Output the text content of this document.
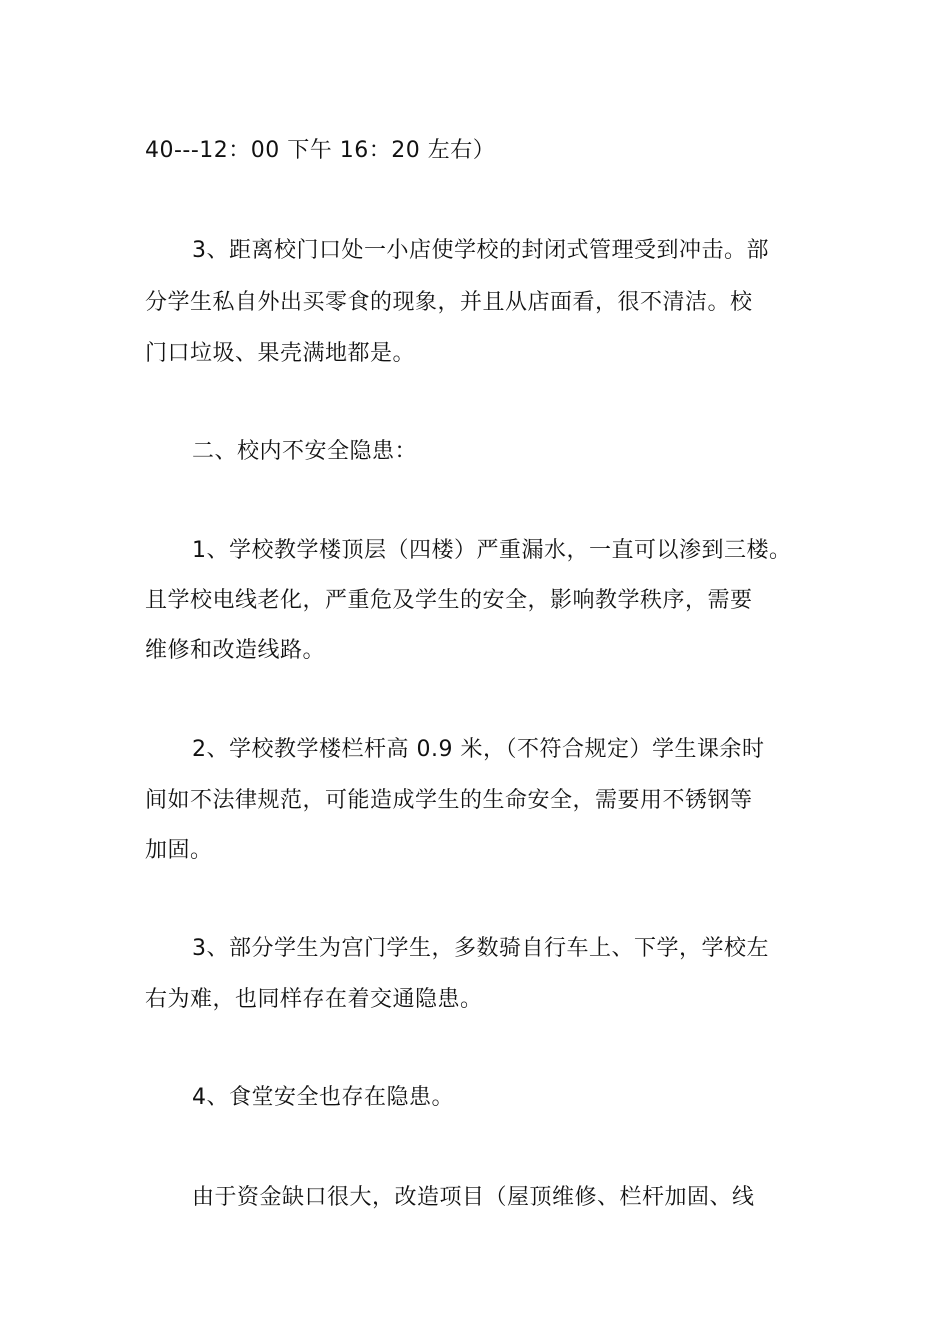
40---12：00 下午 16：20 左右）
3、距离校门口处一小店使学校的封闭式管理受到冲击。部
分学生私自外出买零食的现象，并且从店面看，很不清洁。校
门口垃圾、果壳满地都是。
二、校内不安全隐患：
1、学校教学楼顶层（四楼）严重漏水，一直可以渗到三楼。
且学校电线老化，严重危及学生的安全，影响教学秩序，需要
维修和改造线路。
2、学校教学楼栏杆高 0.9 米，（不符合规定）学生课余时
间如不法律规范，可能造成学生的生命安全，需要用不锈钢等
加固。
3、部分学生为宫门学生，多数骑自行车上、下学，学校左
右为难，也同样存在着交通隐患。
4、食堂安全也存在隐患。
由于资金缺口很大，改造项目（屋顶维修、栏杆加固、线
